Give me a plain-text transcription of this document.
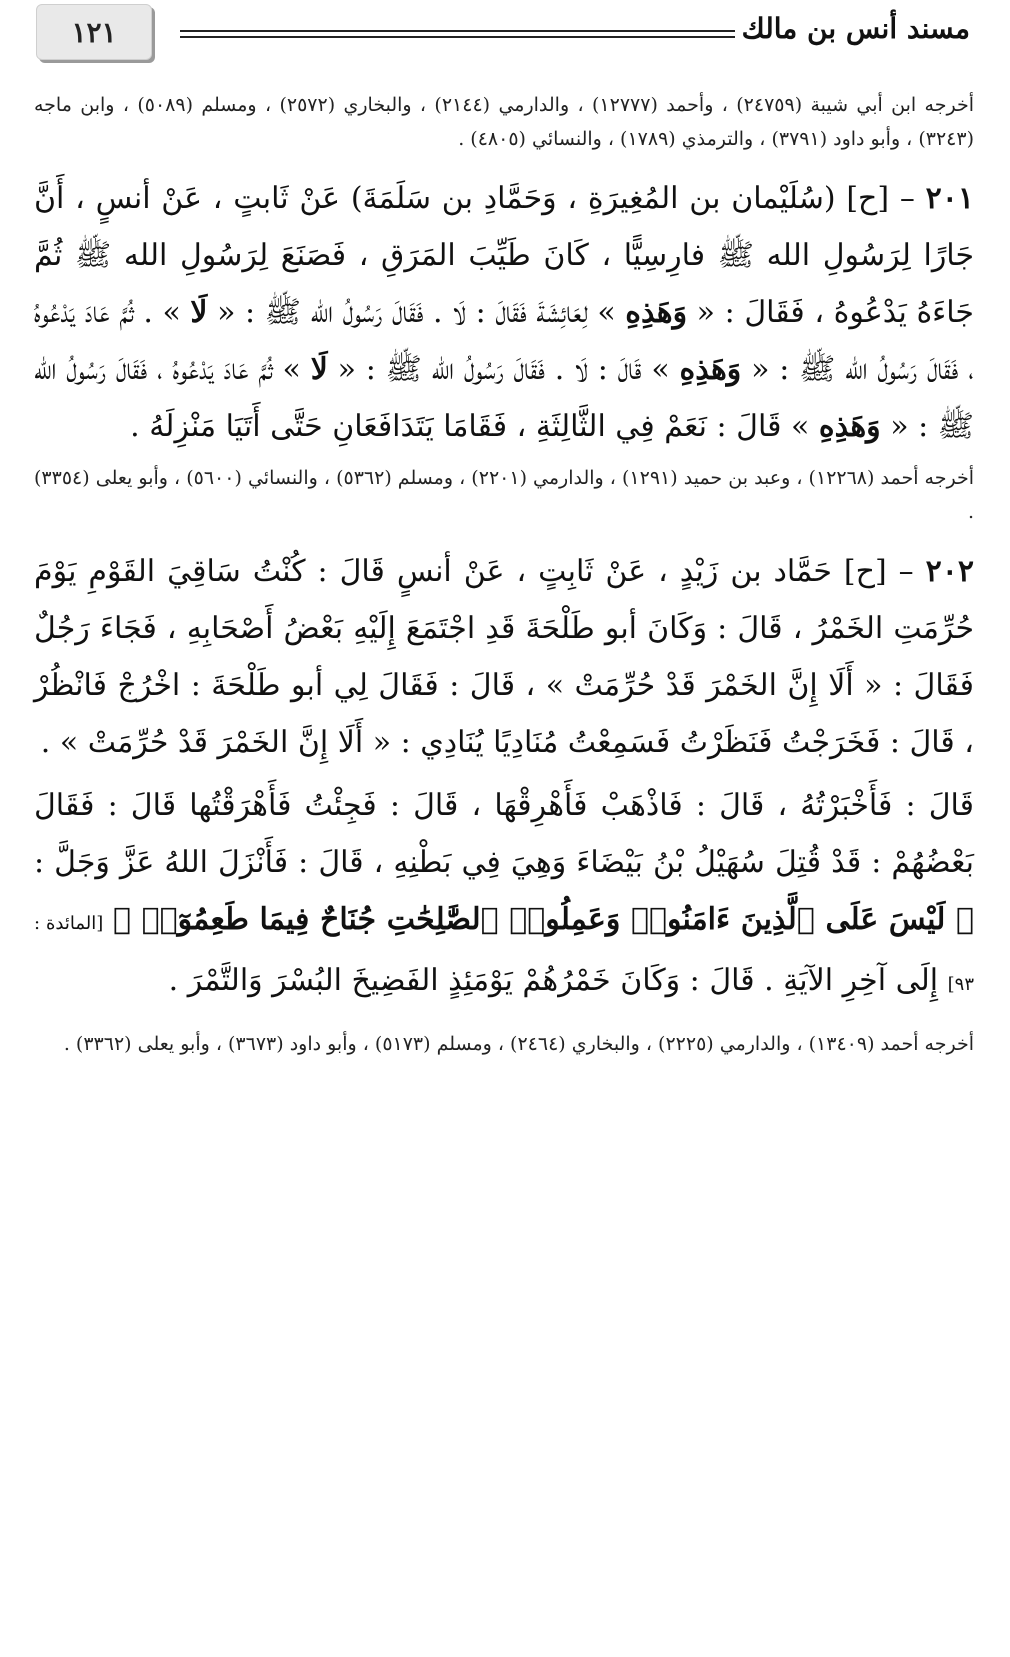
١٢١	مسند أنس بن مالك

أخرجه ابن أبي شيبة (٢٤٧٥٩) ، وأحمد (١٢٧٧٧) ، والدارمي (٢١٤٤) ، والبخاري (٢٥٧٢) ، ومسلم (٥٠٨٩) ، وابن ماجه (٣٢٤٣) ، وأبو داود (٣٧٩١) ، والترمذي (١٧٨٩) ، والنسائي (٤٨٠٥) .

٢٠١ – [ح] (سُلَيْمان بن المُغِيرَةِ ، وَحَمَّادِ بن سَلَمَةَ) عَنْ ثَابتٍ ، عَنْ أنسٍ ، أَنَّ جَارًا لِرَسُولِ الله ﷺ فارِسِيًّا ، كَانَ طَيِّبَ المَرَقِ ، فَصَنَعَ لِرَسُولِ الله ﷺ ثُمَّ جَاءَهُ يَدْعُوهُ ، فَقَالَ : « وَهَذِهِ » لِعَائِشَةَ فَقَالَ : لَا . فَقَالَ رَسُولُ الله ﷺ : « لَا » . ثُمَّ عَادَ يَدْعُوهُ ، فَقَالَ رَسُولُ الله ﷺ : « وَهَذِهِ » قَالَ : لَا . فَقَالَ رَسُولُ الله ﷺ : « لَا » ثُمَّ عَادَ يَدْعُوهُ ، فَقَالَ رَسُولُ الله ﷺ : « وَهَذِهِ » قَالَ : نَعَمْ فِي الثَّالِثَةِ ، فَقَامَا يَتَدَافَعَانِ حَتَّى أَتَيَا مَنْزِلَهُ .

أخرجه أحمد (١٢٢٦٨) ، وعبد بن حميد (١٢٩١) ، والدارمي (٢٢٠١) ، ومسلم (٥٣٦٢) ، والنسائي (٥٦٠٠) ، وأبو يعلى (٣٣٥٤) .

٢٠٢ – [ح] حَمَّاد بن زَيْدٍ ، عَنْ ثَابِتٍ ، عَنْ أنسٍ قَالَ : كُنْتُ سَاقِيَ القَوْمِ يَوْمَ حُرِّمَتِ الخَمْرُ ، قَالَ : وَكَانَ أبو طَلْحَةَ قَدِ اجْتَمَعَ إِلَيْهِ بَعْضُ أَصْحَابِهِ ، فَجَاءَ رَجُلٌ فَقَالَ : « أَلَا إِنَّ الخَمْرَ قَدْ حُرِّمَتْ » ، قَالَ : فَقَالَ لِي أبو طَلْحَةَ : اخْرُجْ فَانْظُرْ ، قَالَ : فَخَرَجْتُ فَنَظَرْتُ فَسَمِعْتُ مُنَادِيًا يُنَادِي : « أَلَا إِنَّ الخَمْرَ قَدْ حُرِّمَتْ » .

قَالَ : فَأَخْبَرْتُهُ ، قَالَ : فَاذْهَبْ فَأَهْرِقْهَا ، قَالَ : فَجِئْتُ فَأَهْرَقْتُها قَالَ : فَقَالَ بَعْضُهُمْ : قَدْ قُتِلَ سُهَيْلُ بْنُ بَيْضَاءَ وَهِيَ فِي بَطْنِهِ ، قَالَ : فَأَنْزَلَ اللهُ عَزَّ وَجَلَّ : ﴿ لَيْسَ عَلَى ٱلَّذِينَ ءَامَنُوا۟ وَعَمِلُوا۟ ٱلصَّٰلِحَٰتِ جُنَاحٌ فِيمَا طَعِمُوٓا۟ ﴾ [المائدة : ٩٣] إِلَى آخِرِ الآيَةِ . قَالَ : وَكَانَ خَمْرُهُمْ يَوْمَئِذٍ الفَضِيخَ البُسْرَ وَالتَّمْرَ .

أخرجه أحمد (١٣٤٠٩) ، والدارمي (٢٢٢٥) ، والبخاري (٢٤٦٤) ، ومسلم (٥١٧٣) ، وأبو داود (٣٦٧٣) ، وأبو يعلى (٣٣٦٢) .
